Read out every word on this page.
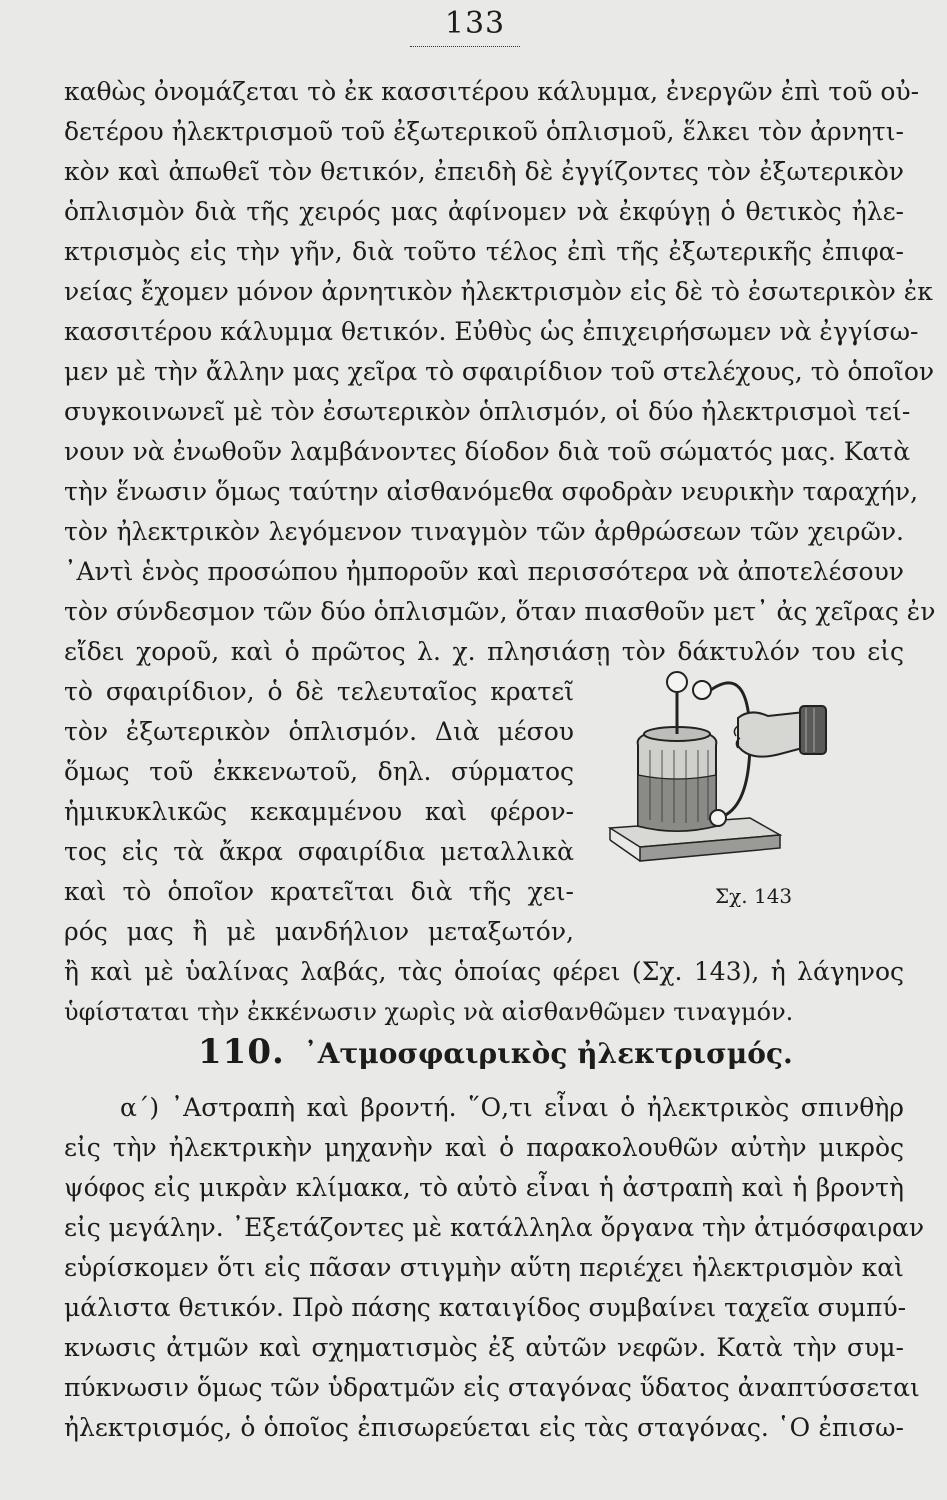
133
καθὼς ὀνομάζεται τὸ ἐκ κασσιτέρου κάλυμμα, ἐνεργῶν ἐπὶ τοῦ οὐ-
δετέρου ἠλεκτρισμοῦ τοῦ ἐξωτερικοῦ ὁπλισμοῦ, ἕλκει τὸν ἀρνητι-
κὸν καὶ ἀπωθεῖ τὸν θετικόν, ἐπειδὴ δὲ ἐγγίζοντες τὸν ἐξωτερικὸν
ὁπλισμὸν διὰ τῆς χειρός μας ἀφίνομεν νὰ ἐκφύγῃ ὁ θετικὸς ἠλε-
κτρισμὸς εἰς τὴν γῆν, διὰ τοῦτο τέλος ἐπὶ τῆς ἐξωτερικῆς ἐπιφα-
νείας ἔχομεν μόνον ἀρνητικὸν ἠλεκτρισμὸν εἰς δὲ τὸ ἐσωτερικὸν ἐκ
κασσιτέρου κάλυμμα θετικόν. Εὐθὺς ὡς ἐπιχειρήσωμεν νὰ ἐγγίσω-
μεν μὲ τὴν ἄλλην μας χεῖρα τὸ σφαιρίδιον τοῦ στελέχους, τὸ ὁποῖον
συγκοινωνεῖ μὲ τὸν ἐσωτερικὸν ὁπλισμόν, οἱ δύο ἠλεκτρισμοὶ τεί-
νουν νὰ ἐνωθοῦν λαμβάνοντες δίοδον διὰ τοῦ σώματός μας. Κατὰ
τὴν ἕνωσιν ὅμως ταύτην αἰσθανόμεθα σφοδρὰν νευρικὴν ταραχήν,
τὸν ἠλεκτρικὸν λεγόμενον τιναγμὸν τῶν ἀρθρώσεων τῶν χειρῶν.
᾿Αντὶ ἑνὸς προσώπου ἠμποροῦν καὶ περισσότερα νὰ ἀποτελέσουν
τὸν σύνδεσμον τῶν δύο ὁπλισμῶν, ὅταν πιασθοῦν μετ᾿ ἀς χεῖρας ἐν
εἴδει χοροῦ, καὶ ὁ πρῶτος λ. χ. πλησιάσῃ τὸν δάκτυλόν του εἰς
τὸ σφαιρίδιον, ὁ δὲ τελευταῖος κρατεῖ
τὸν ἐξωτερικὸν ὁπλισμόν. Διὰ μέσου
ὅμως τοῦ ἐκκενωτοῦ, δηλ. σύρματος
ἡμικυκλικῶς κεκαμμένου καὶ φέρον-
τος εἰς τὰ ἄκρα σφαιρίδια μεταλλικὰ
καὶ τὸ ὁποῖον κρατεῖται διὰ τῆς χει-
ρός μας ἢ μὲ μανδήλιον μεταξωτόν,
Σχ. 143
ἢ καὶ μὲ ὑαλίνας λαβάς, τὰς ὁποίας φέρει (Σχ. 143), ἡ λάγηνος
ὑφίσταται τὴν ἐκκένωσιν χωρὶς νὰ αἰσθανθῶμεν τιναγμόν.
110. ᾿Ατμοσφαιρικὸς ἠλεκτρισμός.
α΄) ᾿Αστραπὴ καὶ βροντή. ῞Ο,τι εἶναι ὁ ἠλεκτρικὸς σπινθὴρ
εἰς τὴν ἠλεκτρικὴν μηχανὴν καὶ ὁ παρακολουθῶν αὐτὴν μικρὸς
ψόφος εἰς μικρὰν κλίμακα, τὸ αὐτὸ εἶναι ἡ ἀστραπὴ καὶ ἡ βροντὴ
εἰς μεγάλην. ᾿Εξετάζοντες μὲ κατάλληλα ὄργανα τὴν ἀτμόσφαιραν
εὑρίσκομεν ὅτι εἰς πᾶσαν στιγμὴν αὕτη περιέχει ἠλεκτρισμὸν καὶ
μάλιστα θετικόν. Πρὸ πάσης καταιγίδος συμβαίνει ταχεῖα συμπύ-
κνωσις ἀτμῶν καὶ σχηματισμὸς ἐξ αὐτῶν νεφῶν. Κατὰ τὴν συμ-
πύκνωσιν ὅμως τῶν ὑδρατμῶν εἰς σταγόνας ὕδατος ἀναπτύσσεται
ἠλεκτρισμός, ὁ ὁποῖος ἐπισωρεύεται εἰς τὰς σταγόνας. ῾Ο ἐπισω-
